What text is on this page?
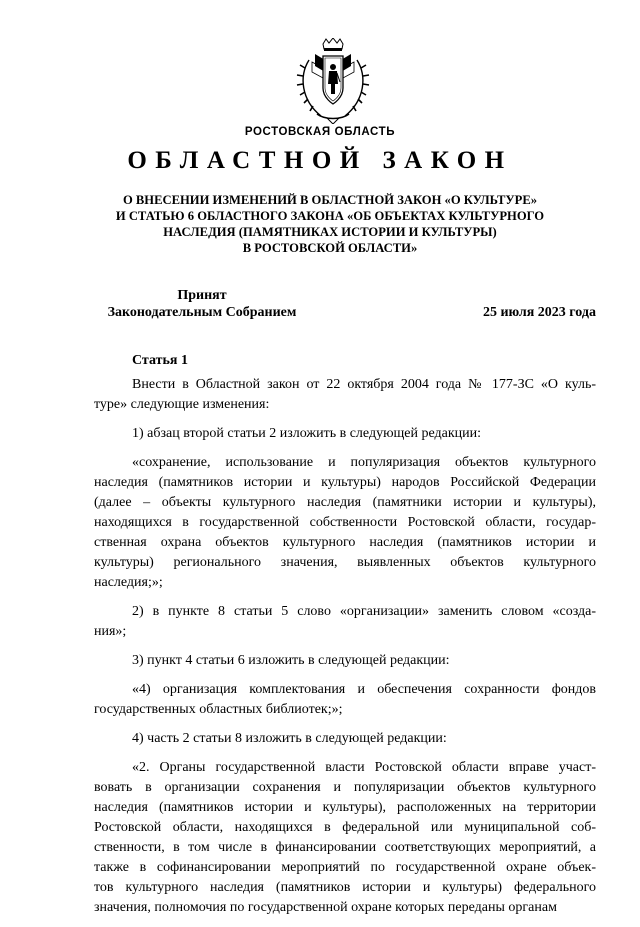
РОСТОВСКАЯ ОБЛАСТЬ
ОБЛАСТНОЙ ЗАКОН
О ВНЕСЕНИИ ИЗМЕНЕНИЙ В ОБЛАСТНОЙ ЗАКОН «О КУЛЬТУРЕ»
И СТАТЬЮ 6 ОБЛАСТНОГО ЗАКОНА «ОБ ОБЪЕКТАХ КУЛЬТУРНОГО
НАСЛЕДИЯ (ПАМЯТНИКАХ ИСТОРИИ И КУЛЬТУРЫ)
В РОСТОВСКОЙ ОБЛАСТИ»
Принят
Законодательным Собранием	25 июля 2023 года
Статья 1

Внести в Областной закон от 22 октября 2004 года № 177-ЗС «О куль-
туре» следующие изменения:

1) абзац второй статьи 2 изложить в следующей редакции:

«сохранение, использование и популяризация объектов культурного
наследия (памятников истории и культуры) народов Российской Федерации
(далее – объекты культурного наследия (памятники истории и культуры),
находящихся в государственной собственности Ростовской области, государ-
ственная охрана объектов культурного наследия (памятников истории и
культуры) регионального значения, выявленных объектов культурного
наследия;»;

2) в пункте 8 статьи 5 слово «организации» заменить словом «созда-
ния»;

3) пункт 4 статьи 6 изложить в следующей редакции:

«4) организация комплектования и обеспечения сохранности фондов
государственных областных библиотек;»;

4) часть 2 статьи 8 изложить в следующей редакции:

«2. Органы государственной власти Ростовской области вправе участ-
вовать в организации сохранения и популяризации объектов культурного
наследия (памятников истории и культуры), расположенных на территории
Ростовской области, находящихся в федеральной или муниципальной соб-
ственности, в том числе в финансировании соответствующих мероприятий, а
также в софинансировании мероприятий по государственной охране объек-
тов культурного наследия (памятников истории и культуры) федерального
значения, полномочия по государственной охране которых переданы органам
